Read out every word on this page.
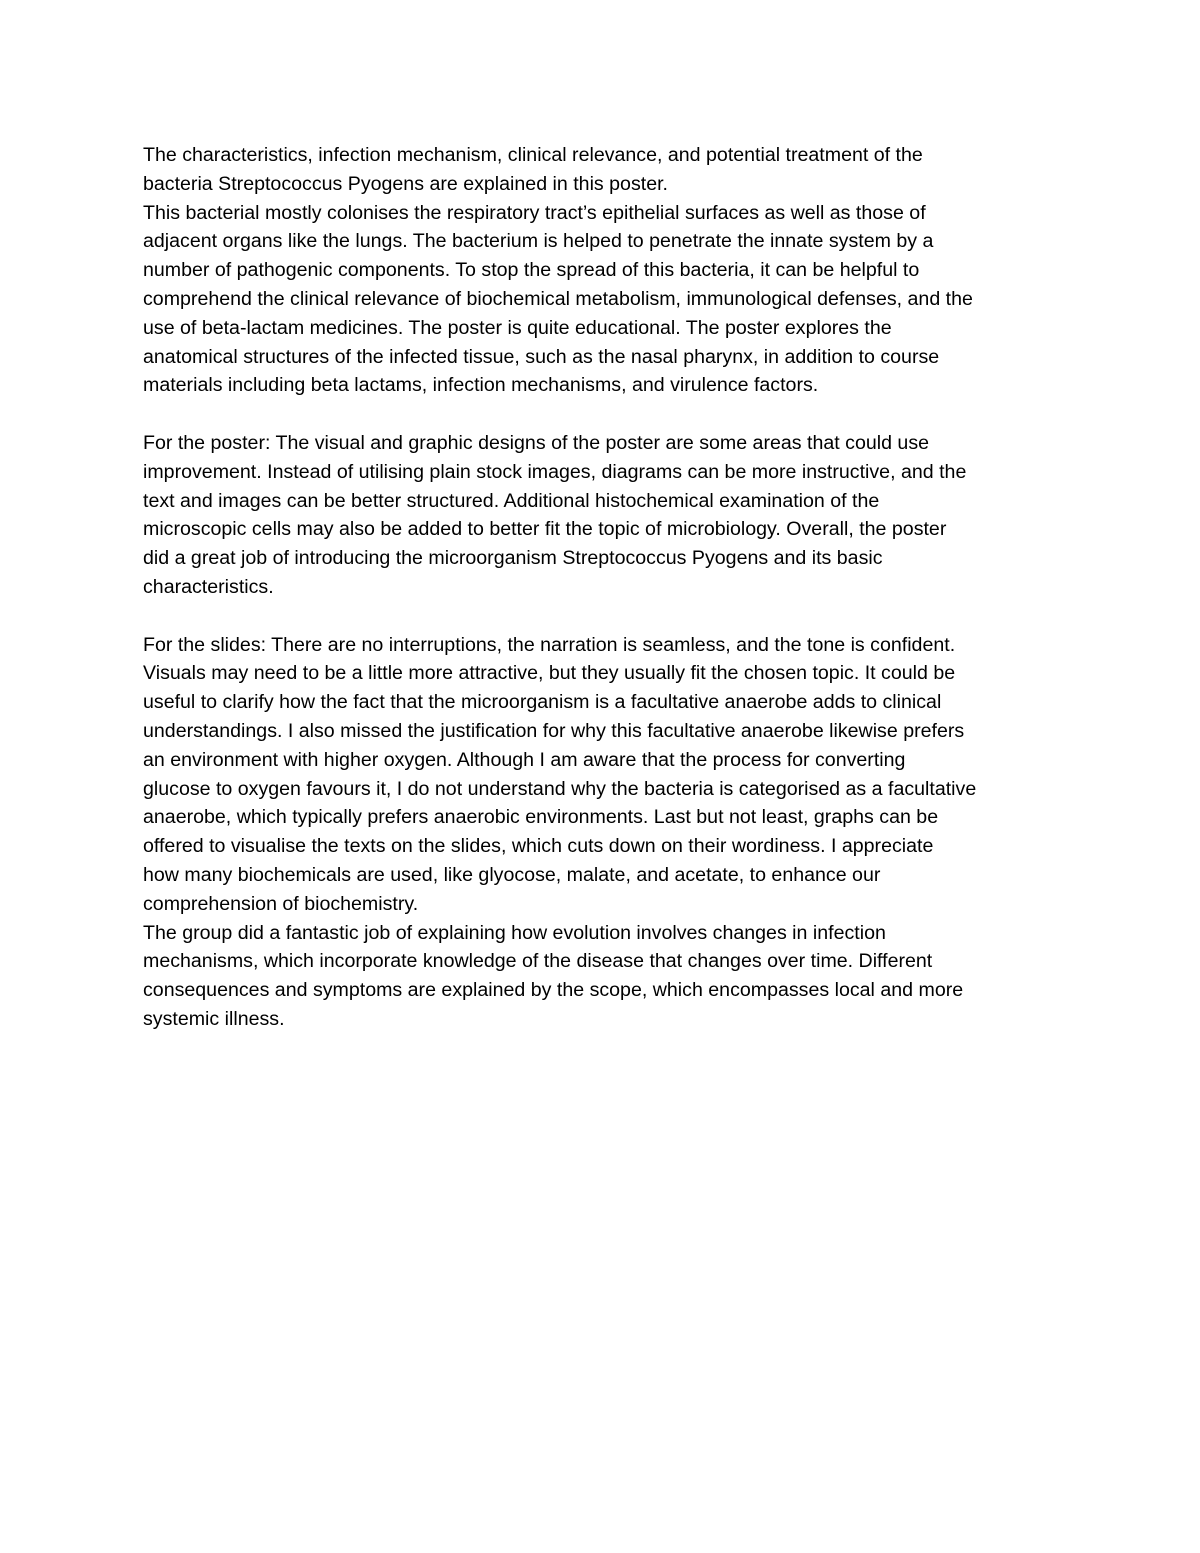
The characteristics, infection mechanism, clinical relevance, and potential treatment of the
bacteria Streptococcus Pyogens are explained in this poster.

This bacterial mostly colonises the respiratory tract’s epithelial surfaces as well as those of
adjacent organs like the lungs. The bacterium is helped to penetrate the innate system by a
number of pathogenic components. To stop the spread of this bacteria, it can be helpful to
comprehend the clinical relevance of biochemical metabolism, immunological defenses, and the
use of beta-lactam medicines. The poster is quite educational. The poster explores the
anatomical structures of the infected tissue, such as the nasal pharynx, in addition to course
materials including beta lactams, infection mechanisms, and virulence factors.

For the poster: The visual and graphic designs of the poster are some areas that could use
improvement. Instead of utilising plain stock images, diagrams can be more instructive, and the
text and images can be better structured. Additional histochemical examination of the
microscopic cells may also be added to better fit the topic of microbiology. Overall, the poster
did a great job of introducing the microorganism Streptococcus Pyogens and its basic
characteristics.

For the slides: There are no interruptions, the narration is seamless, and the tone is confident.
Visuals may need to be a little more attractive, but they usually fit the chosen topic. It could be
useful to clarify how the fact that the microorganism is a facultative anaerobe adds to clinical
understandings. I also missed the justification for why this facultative anaerobe likewise prefers
an environment with higher oxygen. Although I am aware that the process for converting
glucose to oxygen favours it, I do not understand why the bacteria is categorised as a facultative
anaerobe, which typically prefers anaerobic environments. Last but not least, graphs can be
offered to visualise the texts on the slides, which cuts down on their wordiness. I appreciate
how many biochemicals are used, like glyocose, malate, and acetate, to enhance our
comprehension of biochemistry.

The group did a fantastic job of explaining how evolution involves changes in infection
mechanisms, which incorporate knowledge of the disease that changes over time. Different
consequences and symptoms are explained by the scope, which encompasses local and more
systemic illness.
